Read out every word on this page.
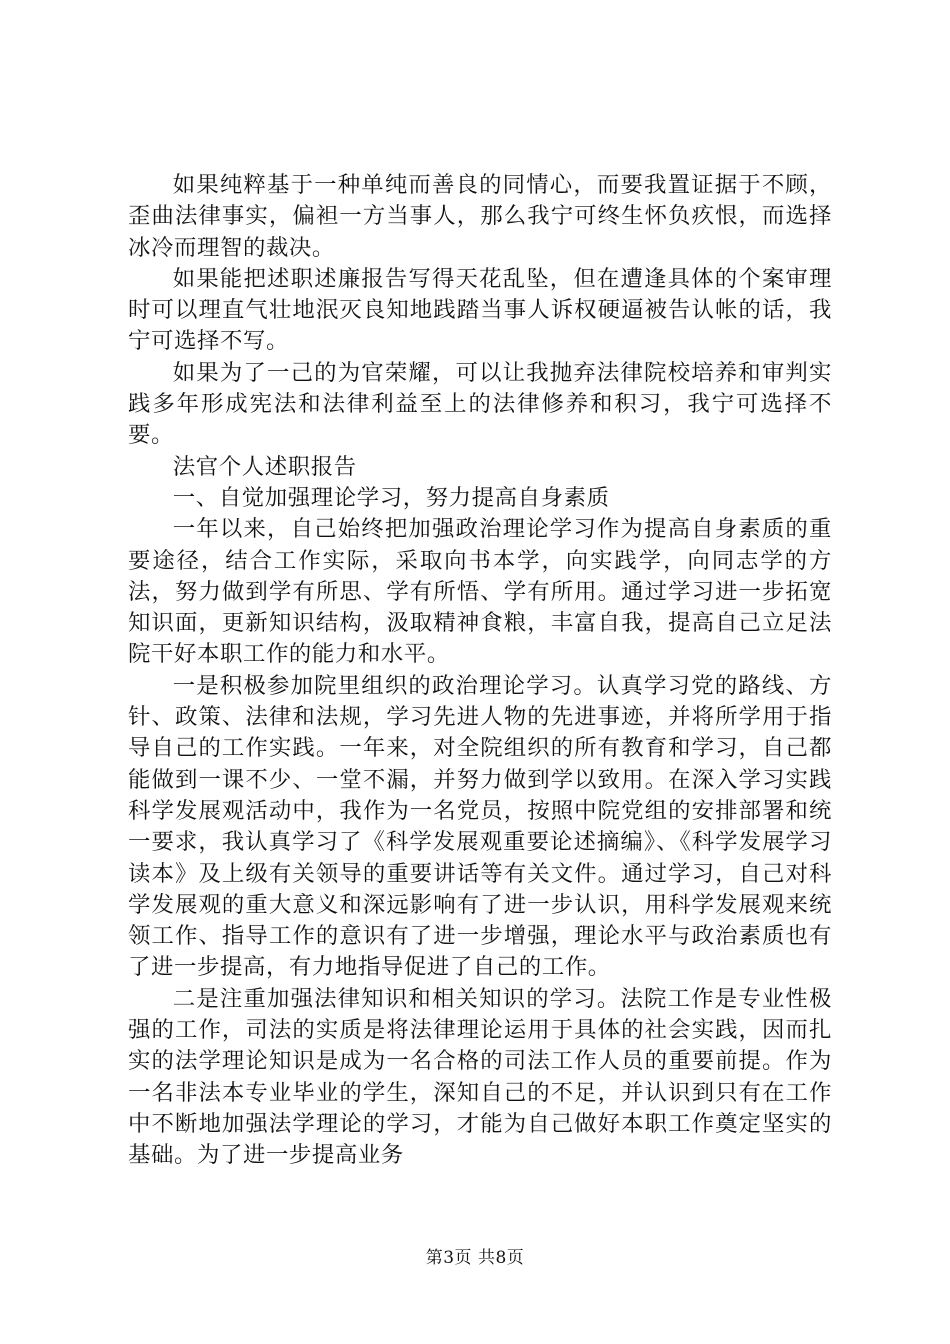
如果纯粹基于一种单纯而善良的同情心，而要我置证据于不顾，歪曲法律事实，偏袒一方当事人，那么我宁可终生怀负疚恨，而选择冰冷而理智的裁决。

如果能把述职述廉报告写得天花乱坠，但在遭逢具体的个案审理时可以理直气壮地泯灭良知地践踏当事人诉权硬逼被告认帐的话，我宁可选择不写。

如果为了一己的为官荣耀，可以让我抛弃法律院校培养和审判实践多年形成宪法和法律利益至上的法律修养和积习，我宁可选择不要。

法官个人述职报告

一、自觉加强理论学习，努力提高自身素质

一年以来，自己始终把加强政治理论学习作为提高自身素质的重要途径，结合工作实际，采取向书本学，向实践学，向同志学的方法，努力做到学有所思、学有所悟、学有所用。通过学习进一步拓宽知识面，更新知识结构，汲取精神食粮，丰富自我，提高自己立足法院干好本职工作的能力和水平。

一是积极参加院里组织的政治理论学习。认真学习党的路线、方针、政策、法律和法规，学习先进人物的先进事迹，并将所学用于指导自己的工作实践。一年来，对全院组织的所有教育和学习，自己都能做到一课不少、一堂不漏，并努力做到学以致用。在深入学习实践科学发展观活动中，我作为一名党员，按照中院党组的安排部署和统一要求，我认真学习了《科学发展观重要论述摘编》、《科学发展学习读本》及上级有关领导的重要讲话等有关文件。通过学习，自己对科学发展观的重大意义和深远影响有了进一步认识，用科学发展观来统领工作、指导工作的意识有了进一步增强，理论水平与政治素质也有了进一步提高，有力地指导促进了自己的工作。

二是注重加强法律知识和相关知识的学习。法院工作是专业性极强的工作，司法的实质是将法律理论运用于具体的社会实践，因而扎实的法学理论知识是成为一名合格的司法工作人员的重要前提。作为一名非法本专业毕业的学生，深知自己的不足，并认识到只有在工作中不断地加强法学理论的学习，才能为自己做好本职工作奠定坚实的基础。为了进一步提高业务

第3页 共8页
